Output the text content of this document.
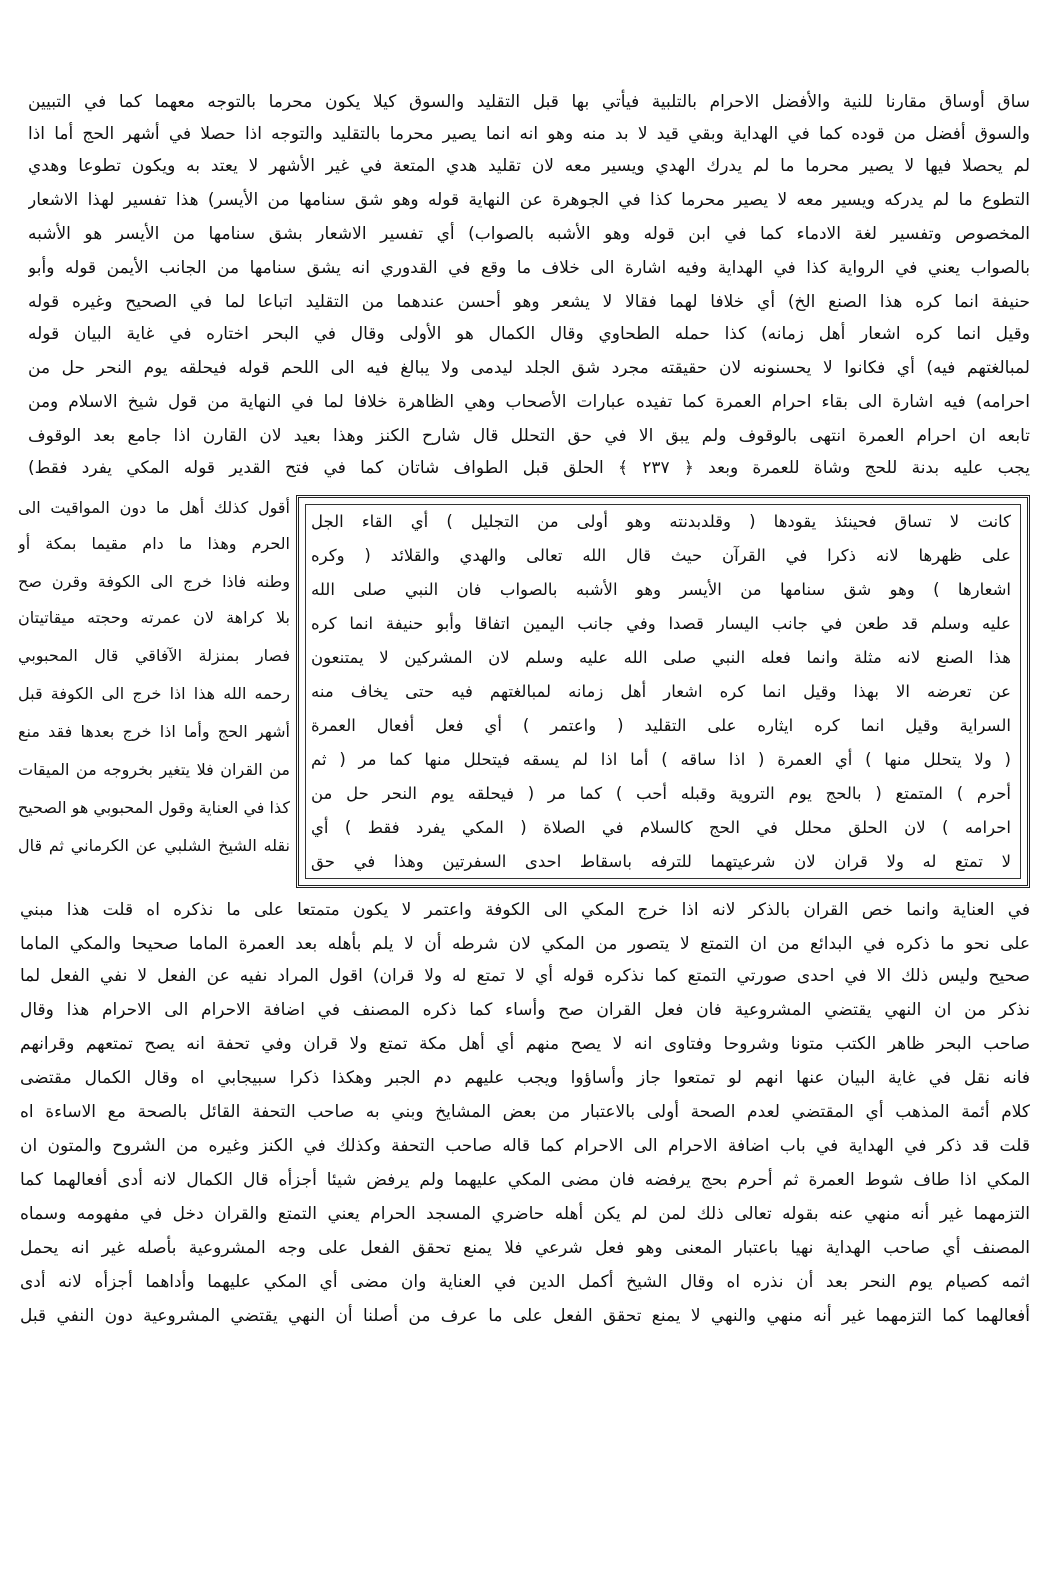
ساق أوساق مقارنا للنية والأفضل الاحرام بالتلبية فيأتي بها قبل التقليد والسوق كيلا يكون محرما بالتوجه معهما كما في التبيين
والسوق أفضل من قوده كما في الهداية وبقي قيد لا بد منه وهو انه انما يصير محرما بالتقليد والتوجه اذا حصلا في أشهر الحج أما اذا
لم يحصلا فيها لا يصير محرما ما لم يدرك الهدي ويسير معه لان تقليد هدي المتعة في غير الأشهر لا يعتد به ويكون تطوعا وهدي
التطوع ما لم يدركه ويسير معه لا يصير محرما كذا في الجوهرة عن النهاية قوله وهو شق سنامها من الأيسر) هذا تفسير لهذا الاشعار
المخصوص وتفسير لغة الادماء كما في ابن قوله وهو الأشبه بالصواب) أي تفسير الاشعار بشق سنامها من الأيسر هو الأشبه
بالصواب يعني في الرواية كذا في الهداية وفيه اشارة الى خلاف ما وقع في القدوري انه يشق سنامها من الجانب الأيمن قوله وأبو
حنيفة انما كره هذا الصنع الخ) أي خلافا لهما فقالا لا يشعر وهو أحسن عندهما من التقليد اتباعا لما في الصحيح وغيره قوله
وقيل انما كره اشعار أهل زمانه) كذا حمله الطحاوي وقال الكمال هو الأولى وقال في البحر اختاره في غاية البيان قوله
لمبالغتهم فيه) أي فكانوا لا يحسنونه لان حقيقته مجرد شق الجلد ليدمى ولا يبالغ فيه الى اللحم قوله فيحلقه يوم النحر حل من
احرامه) فيه اشارة الى بقاء احرام العمرة كما تفيده عبارات الأصحاب وهي الظاهرة خلافا لما في النهاية من قول شيخ الاسلام ومن
تابعه ان احرام العمرة انتهى بالوقوف ولم يبق الا في حق التحلل قال شارح الكنز وهذا بعيد لان القارن اذا جامع بعد الوقوف
يجب عليه بدنة للحج وشاة للعمرة وبعد ﴿ ٢٣٧ ﴾ الحلق قبل الطواف شاتان كما في فتح القدير قوله المكي يفرد فقط)
أقول كذلك أهل ما دون المواقيت الى
الحرم وهذا ما دام مقيما بمكة أو
وطنه فاذا خرج الى الكوفة وقرن صح
بلا كراهة لان عمرته وحجته ميقاتيتان
فصار بمنزلة الآفاقي قال المحبوبي
رحمه الله هذا اذا خرج الى الكوفة قبل
أشهر الحج وأما اذا خرج بعدها فقد منع
من القران فلا يتغير بخروجه من الميقات
كذا في العناية وقول المحبوبي هو الصحيح
نقله الشيخ الشلبي عن الكرماني ثم قال
كانت لا تساق فحينئذ يقودها ( وقلدبدنته وهو أولى من التجليل ) أي القاء الجل
على ظهرها لانه ذكرا في القرآن حيث قال الله تعالى والهدي والقلائد ( وكره
اشعارها ) وهو شق سنامها من الأيسر وهو الأشبه بالصواب فان النبي صلى الله
عليه وسلم قد طعن في جانب اليسار قصدا وفي جانب اليمين اتفاقا وأبو حنيفة انما كره
هذا الصنع لانه مثلة وانما فعله النبي صلى الله عليه وسلم لان المشركين لا يمتنعون
عن تعرضه الا بهذا وقيل انما كره اشعار أهل زمانه لمبالغتهم فيه حتى يخاف منه
السراية وقيل انما كره ايثاره على التقليد ( واعتمر ) أي فعل أفعال العمرة
( ولا يتحلل منها ) أي العمرة ( اذا ساقه ) أما اذا لم يسقه فيتحلل منها كما مر ( ثم
أحرم ) المتمتع ( بالحج يوم التروية وقبله أحب ) كما مر ( فيحلقه يوم النحر حل من
احرامه ) لان الحلق محلل في الحج كالسلام في الصلاة ( المكي يفرد فقط ) أي
لا تمتع له ولا قران لان شرعيتهما للترفه باسقاط احدى السفرتين وهذا في حق
في العناية وانما خص القران بالذكر لانه اذا خرج المكي الى الكوفة واعتمر لا يكون متمتعا على ما نذكره اه قلت هذا مبني
على نحو ما ذكره في البدائع من ان التمتع لا يتصور من المكي لان شرطه أن لا يلم بأهله بعد العمرة الماما صحيحا والمكي الماما
صحيح وليس ذلك الا في احدى صورتي التمتع كما نذكره قوله أي لا تمتع له ولا قران) اقول المراد نفيه عن الفعل لا نفي الفعل لما
نذكر من ان النهي يقتضي المشروعية فان فعل القران صح وأساء كما ذكره المصنف في اضافة الاحرام الى الاحرام هذا وقال
صاحب البحر ظاهر الكتب متونا وشروحا وفتاوى انه لا يصح منهم أي أهل مكة تمتع ولا قران وفي تحفة انه يصح تمتعهم وقرانهم
فانه نقل في غاية البيان عنها انهم لو تمتعوا جاز وأساؤوا ويجب عليهم دم الجبر وهكذا ذكرا سبيجابي اه وقال الكمال مقتضى
كلام أئمة المذهب أي المقتضي لعدم الصحة أولى بالاعتبار من بعض المشايخ وبني به صاحب التحفة القائل بالصحة مع الاساءة اه
قلت قد ذكر في الهداية في باب اضافة الاحرام الى الاحرام كما قاله صاحب التحفة وكذلك في الكنز وغيره من الشروح والمتون ان
المكي اذا طاف شوط العمرة ثم أحرم بحج يرفضه فان مضى المكي عليهما ولم يرفض شيئا أجزأه قال الكمال لانه أدى أفعالهما كما
التزمهما غير أنه منهي عنه بقوله تعالى ذلك لمن لم يكن أهله حاضري المسجد الحرام يعني التمتع والقران دخل في مفهومه وسماه
المصنف أي صاحب الهداية نهيا باعتبار المعنى وهو فعل شرعي فلا يمنع تحقق الفعل على وجه المشروعية بأصله غير انه يحمل
اثمه كصيام يوم النحر بعد أن نذره اه وقال الشيخ أكمل الدين في العناية وان مضى أي المكي عليهما وأداهما أجزأه لانه أدى
أفعالهما كما التزمهما غير أنه منهي والنهي لا يمنع تحقق الفعل على ما عرف من أصلنا أن النهي يقتضي المشروعية دون النفي قبل
